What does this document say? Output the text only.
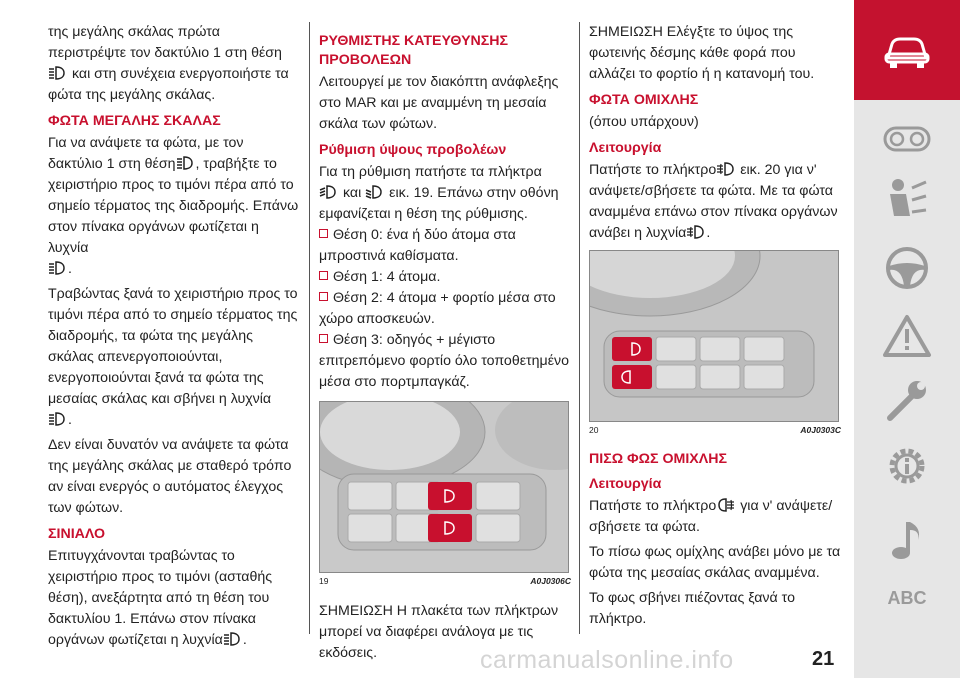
της μεγάλης σκάλας πρώτα περιστρέψτε τον δακτύλιο 1 στη θέση
και στη συνέχεια ενεργοποιήστε τα φώτα της μεγάλης σκάλας.

ΦΩΤΑ ΜΕΓΑΛΗΣ ΣΚΑΛΑΣ

Για να ανάψετε τα φώτα, με τον δακτύλιο 1 στη θέση , τραβήξτε το χειριστήριο προς το τιμόνι πέρα από το σημείο τέρματος της διαδρομής. Επάνω στον πίνακα οργάνων φωτίζεται η λυχνία
.

Τραβώντας ξανά το χειριστήριο προς το τιμόνι πέρα από το σημείο τέρματος της διαδρομής, τα φώτα της μεγάλης σκάλας απενεργοποιούνται, ενεργοποιούνται ξανά τα φώτα της μεσαίας σκάλας και σβήνει η λυχνία
.

Δεν είναι δυνατόν να ανάψετε τα φώτα της μεγάλης σκάλας με σταθερό τρόπο αν είναι ενεργός ο αυτόματος έλεγχος των φώτων.

ΣΙΝΙΑΛΟ

Επιτυγχάνονται τραβώντας το χειριστήριο προς το τιμόνι (ασταθής θέση), ανεξάρτητα από τη θέση του δακτυλίου 1. Επάνω στον πίνακα οργάνων φωτίζεται η λυχνία .

ΡΥΘΜΙΣΤΗΣ ΚΑΤΕΥΘΥΝΣΗΣ ΠΡΟΒΟΛΕΩΝ

Λειτουργεί με τον διακόπτη ανάφλεξης στο MAR και με αναμμένη τη μεσαία σκάλα των φώτων.

Ρύθμιση ύψους προβολέων

Για τη ρύθμιση πατήστε τα πλήκτρα
και  εικ. 19. Επάνω στην οθόνη εμφανίζεται η θέση της ρύθμισης.

Θέση 0: ένα ή δύο άτομα στα μπροστινά καθίσματα.

Θέση 1: 4 άτομα.

Θέση 2: 4 άτομα + φορτίο μέσα στο χώρο αποσκευών.

Θέση 3: οδηγός + μέγιστο επιτρεπόμενο φορτίο όλο τοποθετημένο μέσα στο πορτμπαγκάζ.

19	A0J0306C

ΣΗΜΕΙΩΣΗ Η πλακέτα των πλήκτρων μπορεί να διαφέρει ανάλογα με τις εκδόσεις.

ΣΗΜΕΙΩΣΗ Ελέγξτε το ύψος της φωτεινής δέσμης κάθε φορά που αλλάζει το φορτίο ή η κατανομή του.

ΦΩΤΑ ΟΜΙΧΛΗΣ

(όπου υπάρχουν)

Λειτουργία

Πατήστε το πλήκτρο εικ. 20 για ν' ανάψετε/σβήσετε τα φώτα. Με τα φώτα αναμμένα επάνω στον πίνακα οργάνων ανάβει η λυχνία .

20	A0J0303C
ΠΙΣΩ ΦΩΣ ΟΜΙΧΛΗΣ
Λειτουργία

Πατήστε το πλήκτρο για ν' ανάψετε/σβήσετε τα φώτα.

Το πίσω φως ομίχλης ανάβει μόνο με τα φώτα της μεσαίας σκάλας αναμμένα.

Το φως σβήνει πιέζοντας ξανά το πλήκτρο.

ABC
carmanualsonline.info	21
